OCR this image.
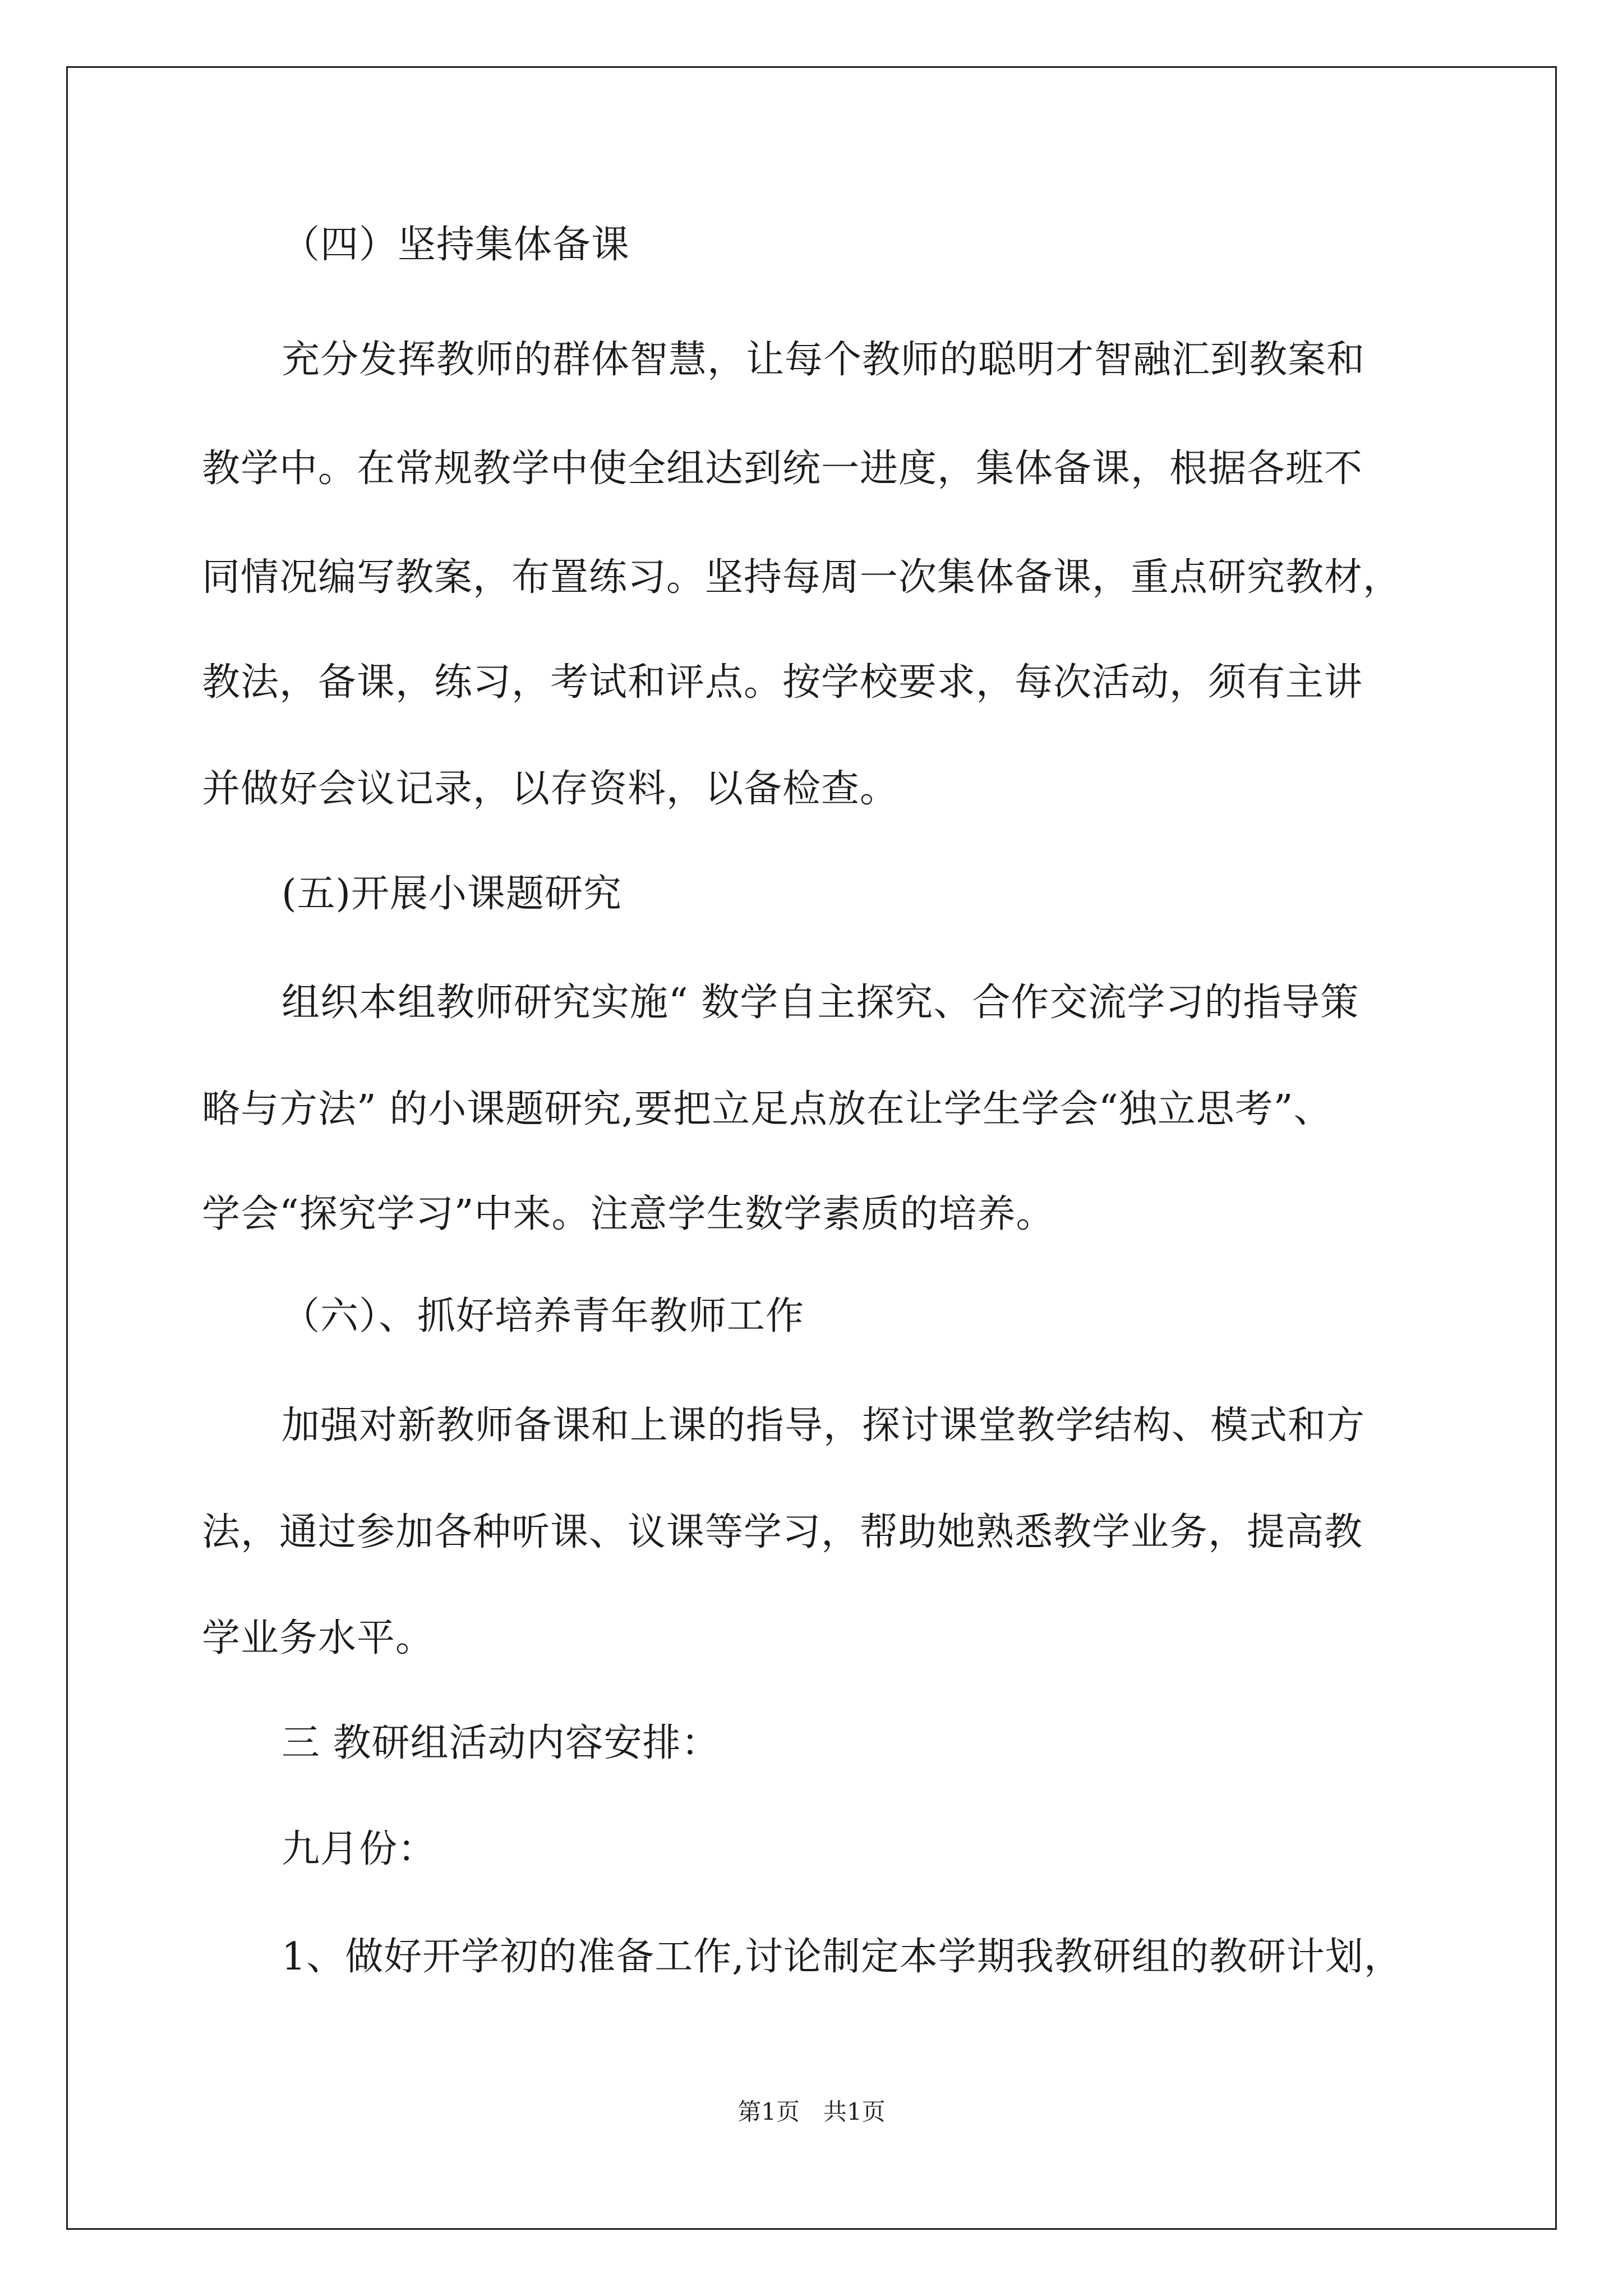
（四）坚持集体备课
充分发挥教师的群体智慧，让每个教师的聪明才智融汇到教案和
教学中。在常规教学中使全组达到统一进度，集体备课，根据各班不
同情况编写教案，布置练习。坚持每周一次集体备课，重点研究教材，
教法，备课，练习，考试和评点。按学校要求，每次活动，须有主讲
并做好会议记录，以存资料，以备检查。
(五)开展小课题研究
组织本组教师研究实施“ 数学自主探究、合作交流学习的指导策
略与方法” 的小课题研究,要把立足点放在让学生学会“独立思考”、
学会“探究学习”中来。注意学生数学素质的培养。
（六）、抓好培养青年教师工作
加强对新教师备课和上课的指导，探讨课堂教学结构、模式和方
法，通过参加各种听课、议课等学习，帮助她熟悉教学业务，提高教
学业务水平。
三 教研组活动内容安排：
九月份：
1、做好开学初的准备工作,讨论制定本学期我教研组的教研计划，
第1页　共1页
